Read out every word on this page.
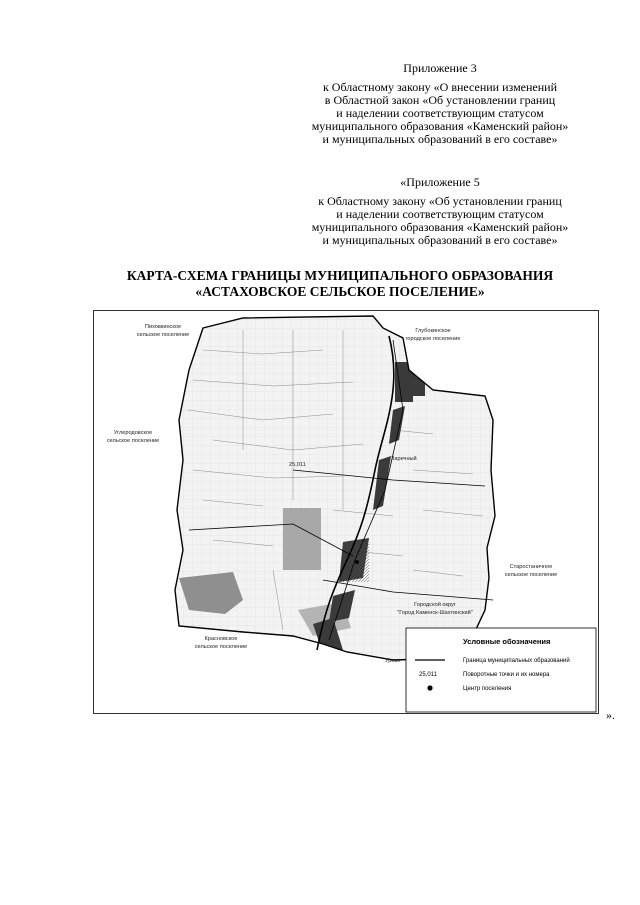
Приложение 3
к Областному закону «О внесении изменений
в Областной закон «Об установлении границ
и наделении соответствующим статусом
муниципального образования «Каменский район»
и муниципальных образований в его составе»
«Приложение 5
к Областному закону «Об установлении границ
и наделении соответствующим статусом
муниципального образования «Каменский район»
и муниципальных образований в его составе»
КАРТА-СХЕМА ГРАНИЦЫ МУНИЦИПАЛЬНОГО ОБРАЗОВАНИЯ
«АСТАХОВСКОЕ СЕЛЬСКОЕ ПОСЕЛЕНИЕ»
Пиховкинское
сельское поселение
Глубокинское
городское поселение
Углеродовское
сельское поселение
Старостаничное
сельское поселение
Городской округ
"Город Каменск-Шахтинский"
Красновское
сельское поселение
Заречный
Урово
25,011
Условные обозначения
Граница муниципальных образований
25,011	Поворотные точки и их номера
Центр поселения
».
